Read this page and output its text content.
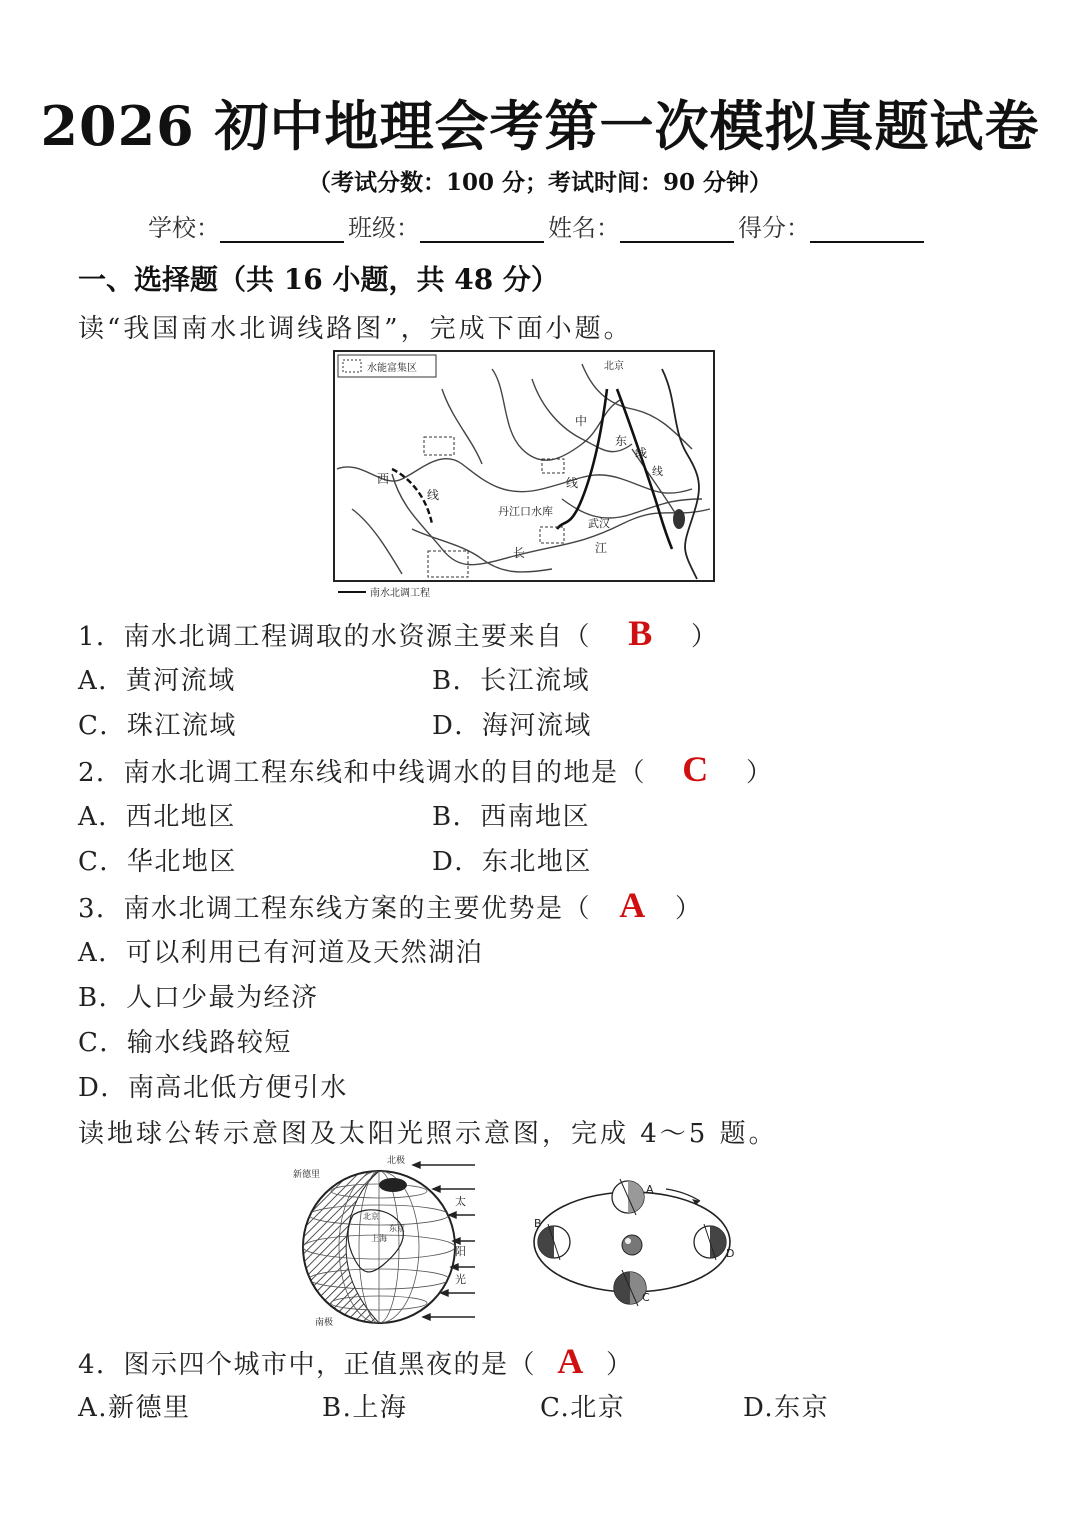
2026 初中地理会考第一次模拟真题试卷
（考试分数：100 分；考试时间：90 分钟）
学校：	班级：	姓名：	得分：
一、选择题（共 16 小题，共 48 分）
读“我国南水北调线路图”，完成下面小题。
水能富集区	北京
中
东
线
西
线
线
丹江口水库
武汉
长	江
线
南水北调工程
1．南水北调工程调取的水资源主要来自（ B ）
A．黄河流域	B．长江流域
C．珠江流域	D．海河流域
2．南水北调工程东线和中线调水的目的地是（ C ）
A．西北地区	B．西南地区
C．华北地区	D．东北地区
3．南水北调工程东线方案的主要优势是（ A ）
A．可以利用已有河道及天然湖泊
B．人口少最为经济
C．输水线路较短
D．南高北低方便引水
读地球公转示意图及太阳光照示意图，完成 4～5 题。
北极
南极
新德里
北京
上海
东京
太
阳
光
A
B
C
D
4．图示四个城市中，正值黑夜的是（ A ）
A.新德里	B.上海	C.北京	D.东京
